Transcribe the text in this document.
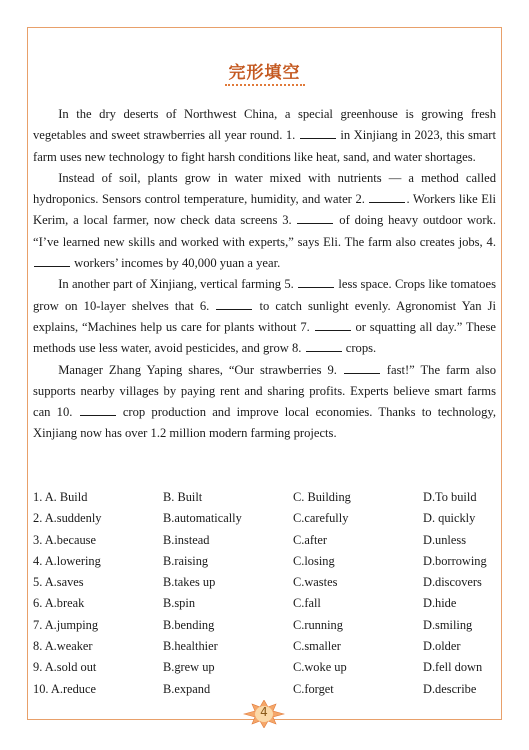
完形填空

In the dry deserts of Northwest China, a special greenhouse is growing fresh vegetables and sweet strawberries all year round. 1.	in Xinjiang in 2023, this smart farm uses new technology to fight harsh conditions like heat, sand, and water shortages.

Instead of soil, plants grow in water mixed with nutrients — a method called hydroponics. Sensors control temperature, humidity, and water 2.	. Workers like Eli Kerim, a local farmer, now check data screens 3.	of doing heavy outdoor work. “I’ve learned new skills and worked with experts,” says Eli. The farm also creates jobs, 4.  workers’ incomes by 40,000 yuan a year.

In another part of Xinjiang, vertical farming 5.	less space. Crops like tomatoes grow on 10-layer shelves that 6.	to catch sunlight evenly. Agronomist Yan Ji explains, “Machines help us care for plants without 7.	or squatting all day.” These methods use less water, avoid pesticides, and grow 8.	crops.

Manager Zhang Yaping shares, “Our strawberries 9.	fast!” The farm also supports nearby villages by paying rent and sharing profits. Experts believe smart farms can 10.	crop production and improve local economies. Thanks to technology, Xinjiang now has over 1.2 million modern farming projects.

1. A. Build	B. Built	C. Building	D.To build
2. A.suddenly	B.automatically	C.carefully	D. quickly
3. A.because	B.instead	C.after	D.unless
4. A.lowering	B.raising	C.losing	D.borrowing
5. A.saves	B.takes up	C.wastes	D.discovers
6. A.break	B.spin	C.fall	D.hide
7. A.jumping	B.bending	C.running	D.smiling
8. A.weaker	B.healthier	C.smaller	D.older
9. A.sold out	B.grew up	C.woke up	D.fell down
10. A.reduce	B.expand	C.forget	D.describe
4
